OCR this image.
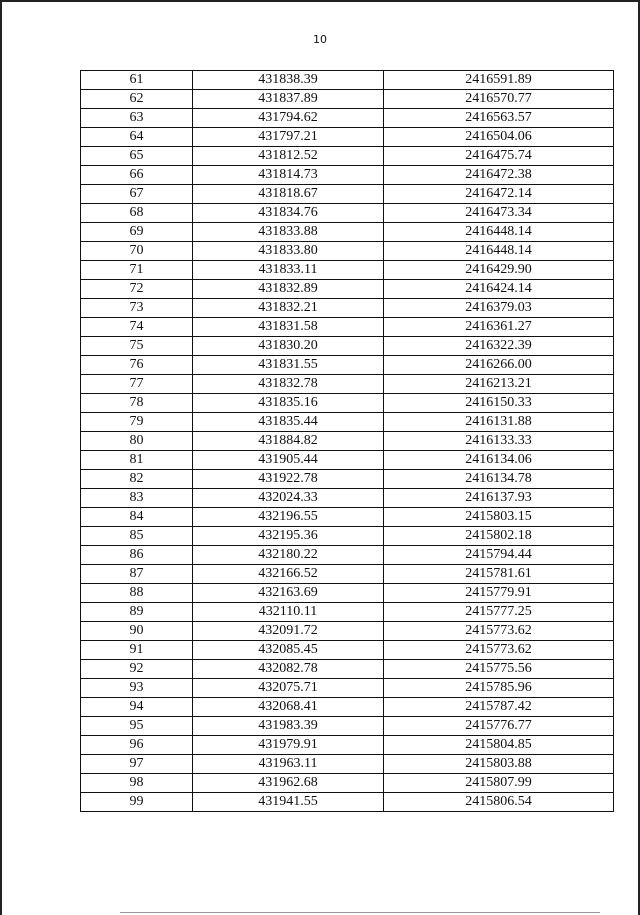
10
61	431838.39	2416591.89
62	431837.89	2416570.77
63	431794.62	2416563.57
64	431797.21	2416504.06
65	431812.52	2416475.74
66	431814.73	2416472.38
67	431818.67	2416472.14
68	431834.76	2416473.34
69	431833.88	2416448.14
70	431833.80	2416448.14
71	431833.11	2416429.90
72	431832.89	2416424.14
73	431832.21	2416379.03
74	431831.58	2416361.27
75	431830.20	2416322.39
76	431831.55	2416266.00
77	431832.78	2416213.21
78	431835.16	2416150.33
79	431835.44	2416131.88
80	431884.82	2416133.33
81	431905.44	2416134.06
82	431922.78	2416134.78
83	432024.33	2416137.93
84	432196.55	2415803.15
85	432195.36	2415802.18
86	432180.22	2415794.44
87	432166.52	2415781.61
88	432163.69	2415779.91
89	432110.11	2415777.25
90	432091.72	2415773.62
91	432085.45	2415773.62
92	432082.78	2415775.56
93	432075.71	2415785.96
94	432068.41	2415787.42
95	431983.39	2415776.77
96	431979.91	2415804.85
97	431963.11	2415803.88
98	431962.68	2415807.99
99	431941.55	2415806.54
